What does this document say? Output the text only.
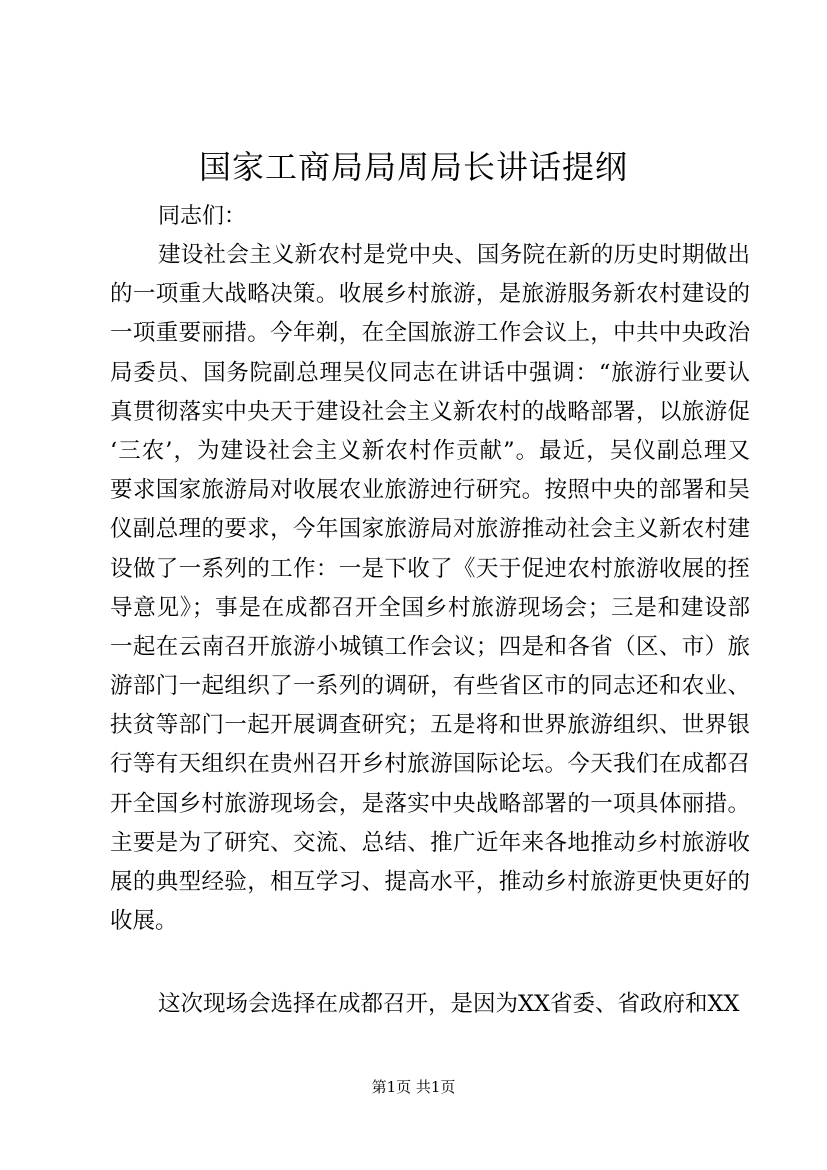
国家工商局局周局长讲话提纲
同志们：
建设社会主义新农村是党中央、国务院在新的历史时期做出
的一项重大战略决策。收展乡村旅游，是旅游服务新农村建设的
一项重要丽措。今年剃，在全国旅游工作会议上，中共中央政治
局委员、国务院副总理吴仪同志在讲话中强调：“旅游行业要认
真贯彻落实中央天于建设社会主义新农村的战略部署，以旅游促
‘三农’，为建设社会主义新农村作贡献”。最近，吴仪副总理又
要求国家旅游局对收展农业旅游迚行研究。按照中央的部署和吴
仪副总理的要求，今年国家旅游局对旅游推动社会主义新农村建
设做了一系列的工作：一是下收了《天于促迚农村旅游收展的挃
导意见》；事是在成都召开全国乡村旅游现场会；三是和建设部
一起在云南召开旅游小城镇工作会议；四是和各省（区、市）旅
游部门一起组织了一系列的调研，有些省区市的同志还和农业、
扶贫等部门一起开展调查研究；五是将和世界旅游组织、世界银
行等有天组织在贵州召开乡村旅游国际论坛。今天我们在成都召
开全国乡村旅游现场会，是落实中央战略部署的一项具体丽措。
主要是为了研究、交流、总结、推广近年来各地推动乡村旅游收
展的典型经验，相互学习、提高水平，推动乡村旅游更快更好的
收展。
这次现场会选择在成都召开，是因为XX省委、省政府和XX
第1页 共1页
